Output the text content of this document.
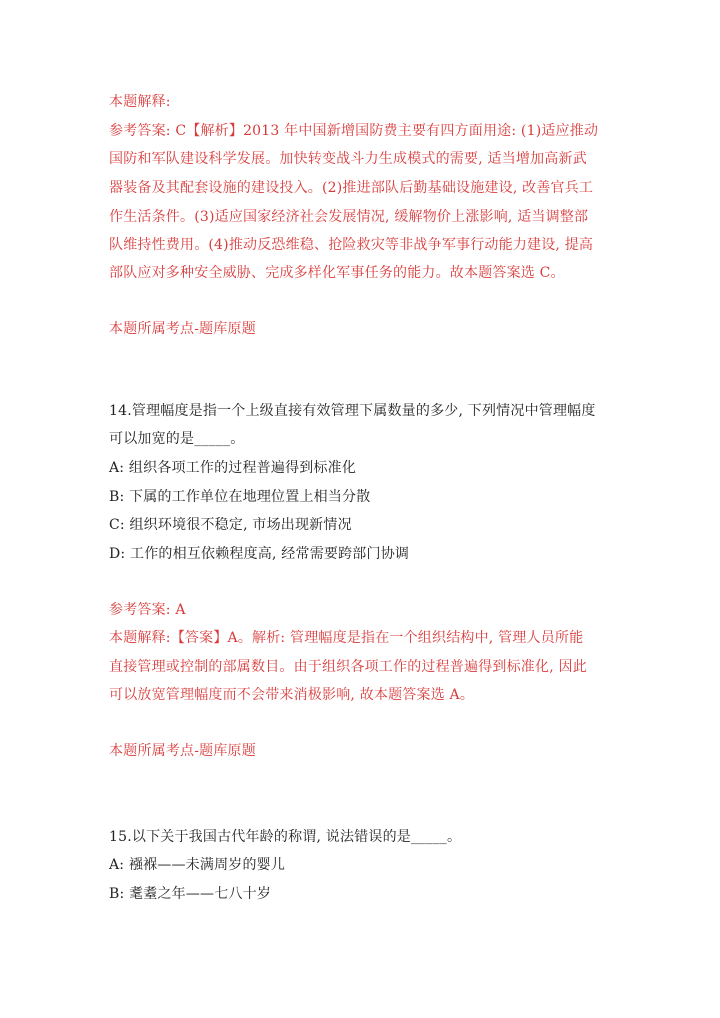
本题解释:
参考答案: C【解析】2013 年中国新增国防费主要有四方面用途: (1)适应推动
国防和军队建设科学发展。加快转变战斗力生成模式的需要, 适当增加高新武
器装备及其配套设施的建设投入。(2)推进部队后勤基础设施建设, 改善官兵工
作生活条件。(3)适应国家经济社会发展情况, 缓解物价上涨影响, 适当调整部
队维持性费用。(4)推动反恐维稳、抢险救灾等非战争军事行动能力建设, 提高
部队应对多种安全威胁、完成多样化军事任务的能力。故本题答案选 C。
本题所属考点-题库原题
14.管理幅度是指一个上级直接有效管理下属数量的多少, 下列情况中管理幅度
可以加宽的是_____。
A: 组织各项工作的过程普遍得到标准化
B: 下属的工作单位在地理位置上相当分散
C: 组织环境很不稳定, 市场出现新情况
D: 工作的相互依赖程度高, 经常需要跨部门协调
参考答案: A
本题解释:【答案】A。解析: 管理幅度是指在一个组织结构中, 管理人员所能
直接管理或控制的部属数目。由于组织各项工作的过程普遍得到标准化, 因此
可以放宽管理幅度而不会带来消极影响, 故本题答案选 A。
本题所属考点-题库原题
15.以下关于我国古代年龄的称谓, 说法错误的是_____。
A: 襁褓——未满周岁的婴儿
B: 耄耋之年——七八十岁
